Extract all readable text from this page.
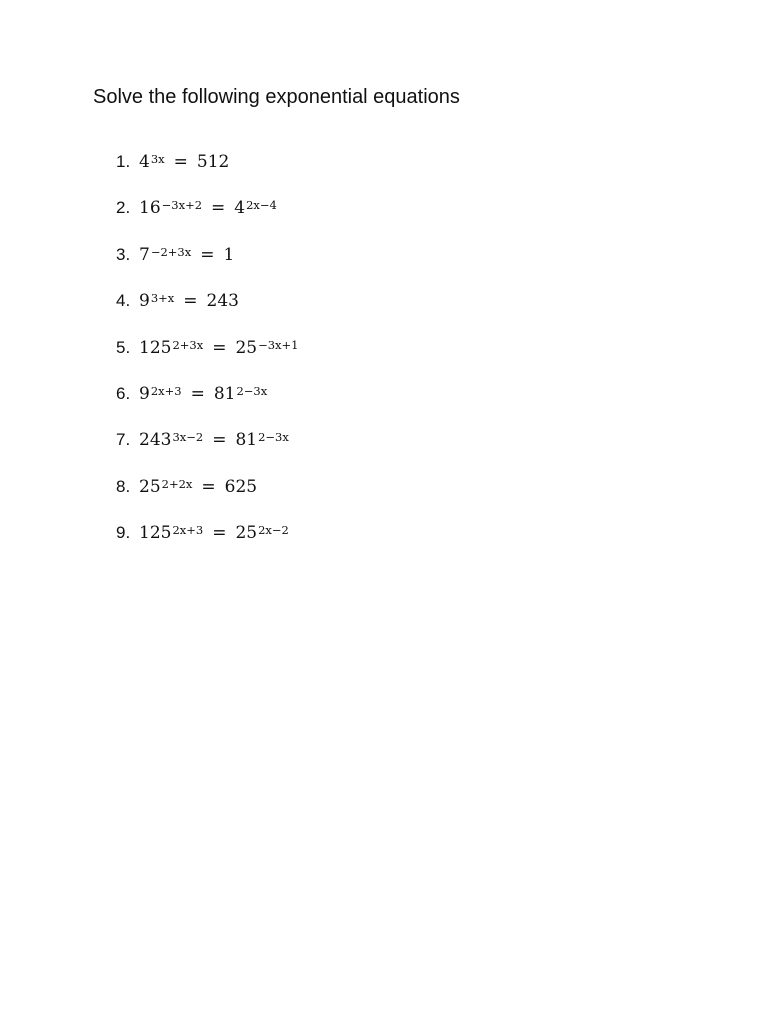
Solve the following exponential equations
1. $4^{3x} = 512$
2. $16^{-3x+2} = 4^{2x-4}$
3. $7^{-2+3x} = 1$
4. $9^{3+x} = 243$
5. $125^{2+3x} = 25^{-3x+1}$
6. $9^{2x+3} = 81^{2-3x}$
7. $243^{3x-2} = 81^{2-3x}$
8. $25^{2+2x} = 625$
9. $125^{2x+3} = 25^{2x-2}$
